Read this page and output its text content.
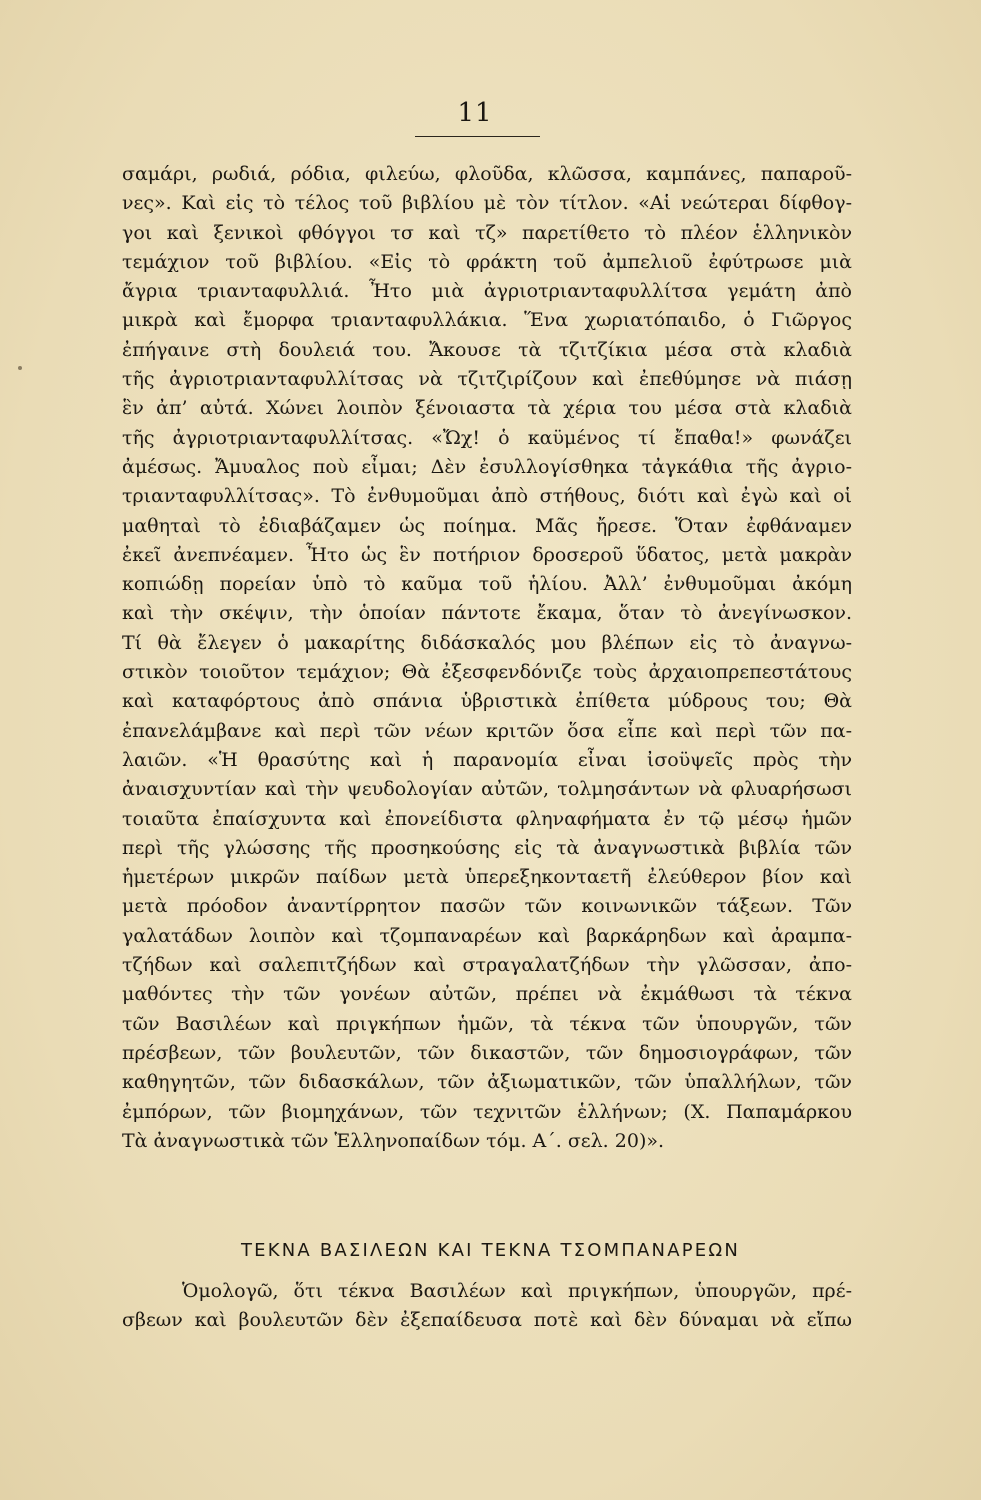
11
σαμάρι, ρωδιά, ρόδια, φιλεύω, φλοῦδα, κλῶσσα, καμπάνες, παπαροῦ-
νες». Καὶ εἰς τὸ τέλος τοῦ βιβλίου μὲ τὸν τίτλον. «Αἱ νεώτεραι δίφθογ-
γοι καὶ ξενικοὶ φθόγγοι τσ καὶ τζ» παρετίθετο τὸ πλέον ἑλληνικὸν
τεμάχιον τοῦ βιβλίου. «Εἰς τὸ φράκτη τοῦ ἀμπελιοῦ ἐφύτρωσε μιὰ
ἄγρια τριανταφυλλιά. Ἦτο μιὰ ἀγριοτριανταφυλλίτσα γεμάτη ἀπὸ
μικρὰ καὶ ἔμορφα τριανταφυλλάκια. Ἕνα χωριατόπαιδο, ὁ Γιῶργος
ἐπήγαινε στὴ δουλειά του. Ἄκουσε τὰ τζιτζίκια μέσα στὰ κλαδιὰ
τῆς ἀγριοτριανταφυλλίτσας νὰ τζιτζιρίζουν καὶ ἐπεθύμησε νὰ πιάσῃ
ἓν ἀπ’ αὐτά. Χώνει λοιπὸν ξένοιαστα τὰ χέρια του μέσα στὰ κλαδιὰ
τῆς ἀγριοτριανταφυλλίτσας. «Ὤχ! ὁ καϋμένος τί ἔπαθα!» φωνάζει
ἀμέσως. Ἄμυαλος ποὺ εἶμαι; Δὲν ἐσυλλογίσθηκα τἀγκάθια τῆς ἀγριο-
τριανταφυλλίτσας». Τὸ ἐνθυμοῦμαι ἀπὸ στήθους, διότι καὶ ἐγὼ καὶ οἱ
μαθηταὶ τὸ ἐδιαβάζαμεν ὡς ποίημα. Μᾶς ἤρεσε. Ὅταν ἐφθάναμεν
ἐκεῖ ἀνεπνέαμεν. Ἦτο ὡς ἓν ποτήριον δροσεροῦ ὕδατος, μετὰ μακρὰν
κοπιώδῃ πορείαν ὑπὸ τὸ καῦμα τοῦ ἡλίου. Ἀλλ’ ἐνθυμοῦμαι ἀκόμη
καὶ τὴν σκέψιν, τὴν ὁποίαν πάντοτε ἔκαμα, ὅταν τὸ ἀνεγίνωσκον.
Τί θὰ ἔλεγεν ὁ μακαρίτης διδάσκαλός μου βλέπων εἰς τὸ ἀναγνω-
στικὸν τοιοῦτον τεμάχιον; Θὰ ἐξεσφενδόνιζε τοὺς ἀρχαιοπρεπεστάτους
καὶ καταφόρτους ἀπὸ σπάνια ὑβριστικὰ ἐπίθετα μύδρους του; Θὰ
ἐπανελάμβανε καὶ περὶ τῶν νέων κριτῶν ὅσα εἶπε καὶ περὶ τῶν πα-
λαιῶν. «Ἡ θρασύτης καὶ ἡ παρανομία εἶναι ἰσοϋψεῖς πρὸς τὴν
ἀναισχυντίαν καὶ τὴν ψευδολογίαν αὐτῶν, τολμησάντων νὰ φλυαρήσωσι
τοιαῦτα ἐπαίσχυντα καὶ ἐπονείδιστα φληναφήματα ἐν τῷ μέσῳ ἡμῶν
περὶ τῆς γλώσσης τῆς προσηκούσης εἰς τὰ ἀναγνωστικὰ βιβλία τῶν
ἡμετέρων μικρῶν παίδων μετὰ ὑπερεξηκονταετῆ ἐλεύθερον βίον καὶ
μετὰ πρόοδον ἀναντίρρητον πασῶν τῶν κοινωνικῶν τάξεων. Τῶν
γαλατάδων λοιπὸν καὶ τζομπαναρέων καὶ βαρκάρηδων καὶ ἀραμπα-
τζήδων καὶ σαλεπιτζήδων καὶ στραγαλατζήδων τὴν γλῶσσαν, ἀπο-
μαθόντες τὴν τῶν γονέων αὐτῶν, πρέπει νὰ ἐκμάθωσι τὰ τέκνα
τῶν Βασιλέων καὶ πριγκήπων ἡμῶν, τὰ τέκνα τῶν ὑπουργῶν, τῶν
πρέσβεων, τῶν βουλευτῶν, τῶν δικαστῶν, τῶν δημοσιογράφων, τῶν
καθηγητῶν, τῶν διδασκάλων, τῶν ἀξιωματικῶν, τῶν ὑπαλλήλων, τῶν
ἐμπόρων, τῶν βιομηχάνων, τῶν τεχνιτῶν ἑλλήνων; (Χ. Παπαμάρκου
Τὰ ἀναγνωστικὰ τῶν Ἑλληνοπαίδων τόμ. Α΄. σελ. 20)».
ΤΕΚΝΑ ΒΑΣΙΛΕΩΝ ΚΑΙ ΤΕΚΝΑ ΤΣΟΜΠΑΝΑΡΕΩΝ
Ὁμολογῶ, ὅτι τέκνα Βασιλέων καὶ πριγκήπων, ὑπουργῶν, πρέ-
σβεων καὶ βουλευτῶν δὲν ἐξεπαίδευσα ποτὲ καὶ δὲν δύναμαι νὰ εἴπω
